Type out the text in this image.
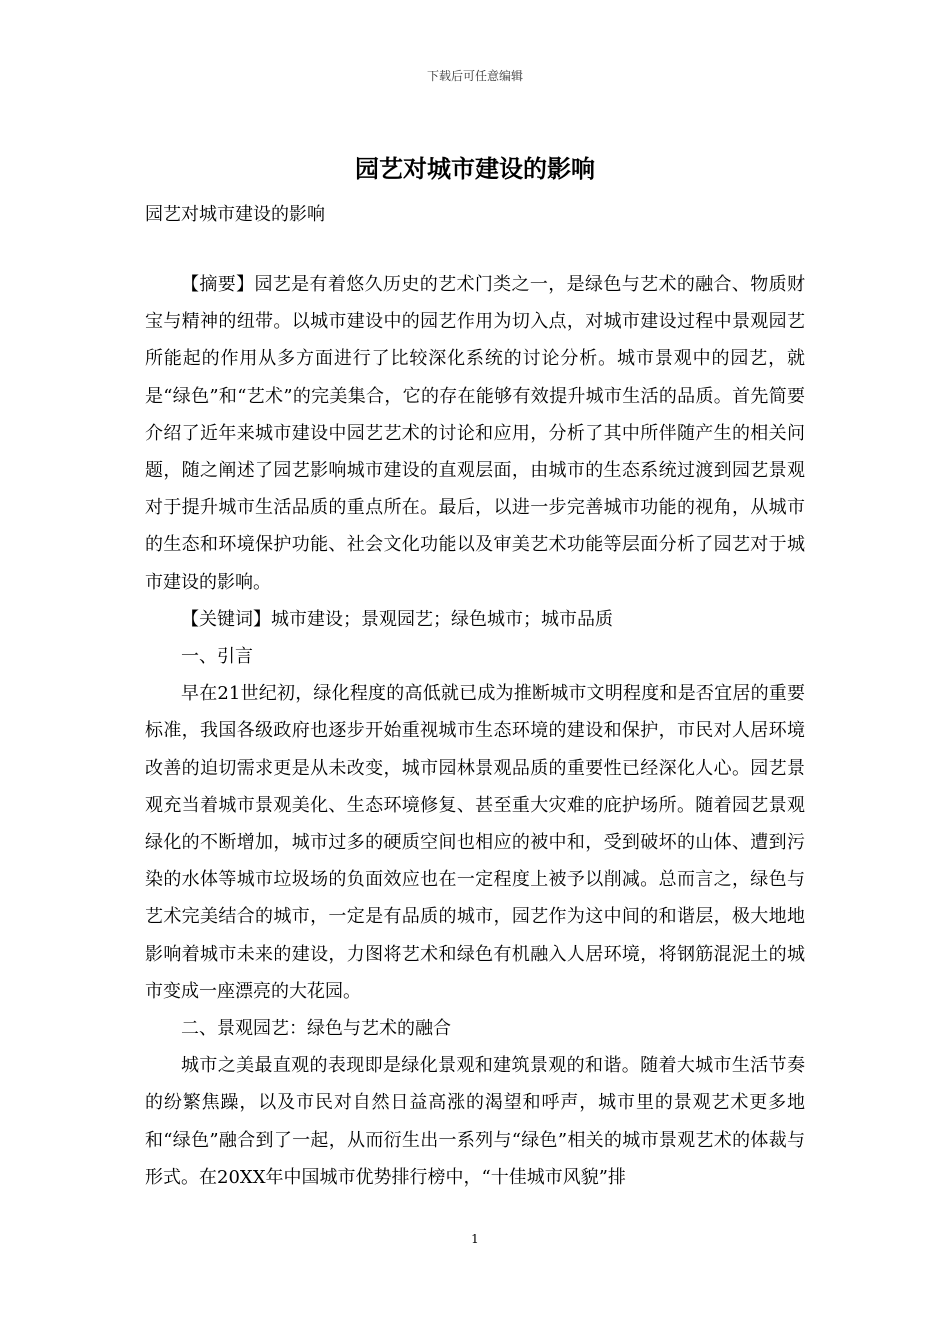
下载后可任意编辑
园艺对城市建设的影响
园艺对城市建设的影响

【摘要】园艺是有着悠久历史的艺术门类之一，是绿色与艺术的融合、物质财宝与精神的纽带。以城市建设中的园艺作用为切入点，对城市建设过程中景观园艺所能起的作用从多方面进行了比较深化系统的讨论分析。城市景观中的园艺，就是“绿色”和“艺术”的完美集合，它的存在能够有效提升城市生活的品质。首先简要介绍了近年来城市建设中园艺艺术的讨论和应用，分析了其中所伴随产生的相关问题，随之阐述了园艺影响城市建设的直观层面，由城市的生态系统过渡到园艺景观对于提升城市生活品质的重点所在。最后，以进一步完善城市功能的视角，从城市的生态和环境保护功能、社会文化功能以及审美艺术功能等层面分析了园艺对于城市建设的影响。

【关键词】城市建设；景观园艺；绿色城市；城市品质

一、引言

早在21世纪初，绿化程度的高低就已成为推断城市文明程度和是否宜居的重要标准，我国各级政府也逐步开始重视城市生态环境的建设和保护，市民对人居环境改善的迫切需求更是从未改变，城市园林景观品质的重要性已经深化人心。园艺景观充当着城市景观美化、生态环境修复、甚至重大灾难的庇护场所。随着园艺景观绿化的不断增加，城市过多的硬质空间也相应的被中和，受到破坏的山体、遭到污染的水体等城市垃圾场的负面效应也在一定程度上被予以削减。总而言之，绿色与艺术完美结合的城市，一定是有品质的城市，园艺作为这中间的和谐层，极大地地影响着城市未来的建设，力图将艺术和绿色有机融入人居环境，将钢筋混泥土的城市变成一座漂亮的大花园。

二、景观园艺：绿色与艺术的融合

城市之美最直观的表现即是绿化景观和建筑景观的和谐。随着大城市生活节奏的纷繁焦躁，以及市民对自然日益高涨的渴望和呼声，城市里的景观艺术更多地和“绿色”融合到了一起，从而衍生出一系列与“绿色”相关的城市景观艺术的体裁与形式。在20XX年中国城市优势排行榜中，“十佳城市风貌”排

1
